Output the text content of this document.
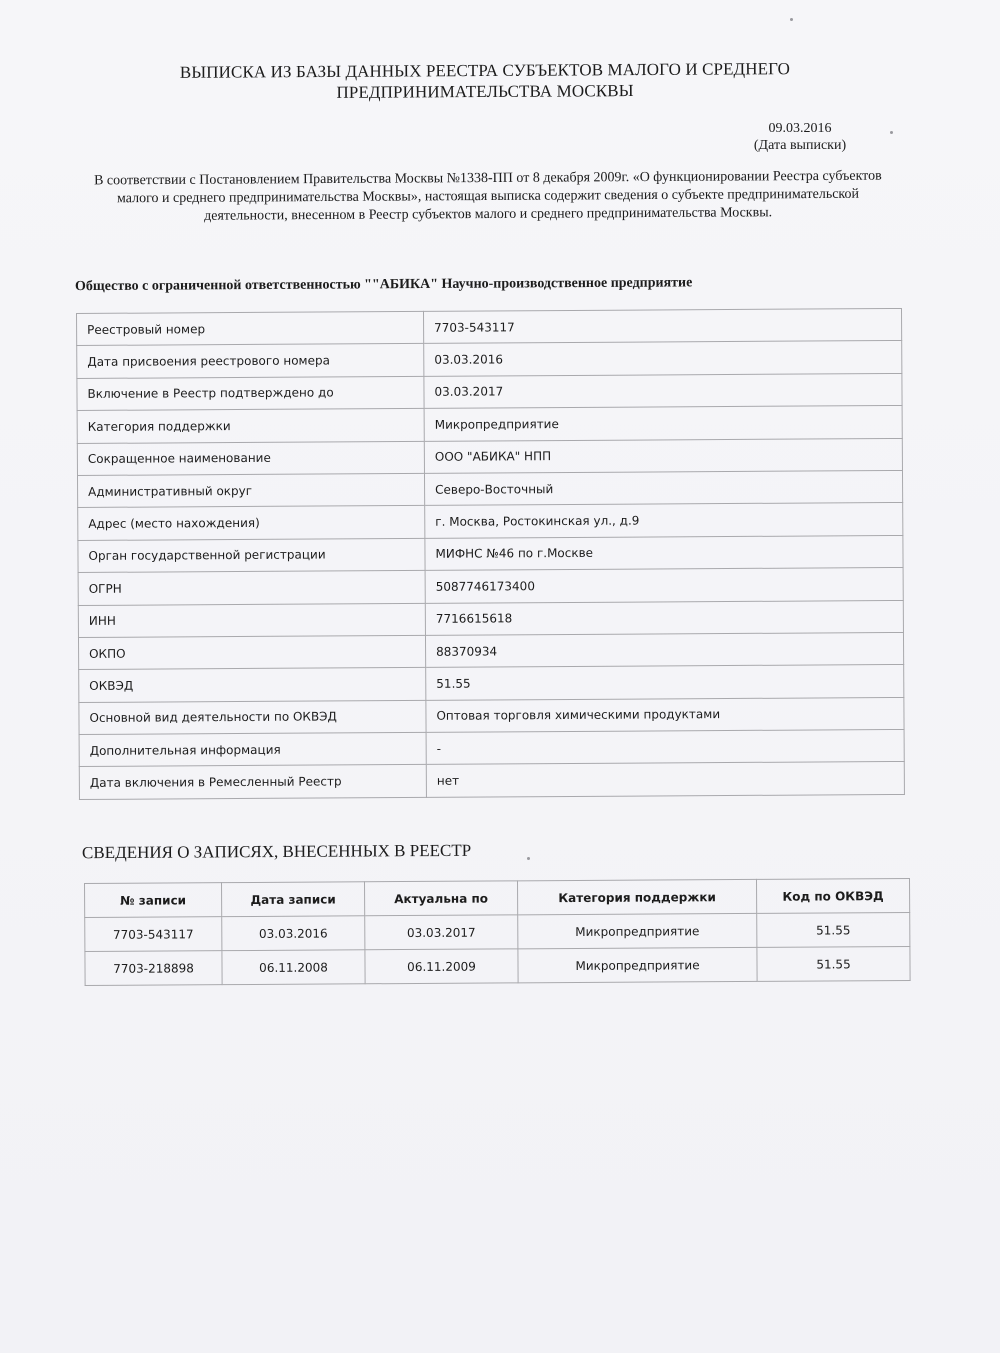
ВЫПИСКА ИЗ БАЗЫ ДАННЫХ РЕЕСТРА СУБЪЕКТОВ МАЛОГО И СРЕДНЕГО ПРЕДПРИНИМАТЕЛЬСТВА МОСКВЫ
09.03.2016
(Дата выписки)
В соответствии с Постановлением Правительства Москвы №1338-ПП от 8 декабря 2009г. «О функционировании Реестра субъектов малого и среднего предпринимательства Москвы», настоящая выписка содержит сведения о субъекте предпринимательской деятельности, внесенном в Реестр субъектов малого и среднего предпринимательства Москвы.
Общество с ограниченной ответственностью ""АБИКА" Научно-производственное предприятие
Реестровый номер	7703-543117
Дата присвоения реестрового номера	03.03.2016
Включение в Реестр подтверждено до	03.03.2017
Категория поддержки	Микропредприятие
Сокращенное наименование	ООО "АБИКА" НПП
Административный округ	Северо-Восточный
Адрес (место нахождения)	г. Москва, Ростокинская ул., д.9
Орган государственной регистрации	МИФНС №46 по г.Москве
ОГРН	5087746173400
ИНН	7716615618
ОКПО	88370934
ОКВЭД	51.55
Основной вид деятельности по ОКВЭД	Оптовая торговля химическими продуктами
Дополнительная информация	-
Дата включения в Ремесленный Реестр	нет
СВЕДЕНИЯ О ЗАПИСЯХ, ВНЕСЕННЫХ В РЕЕСТР
№ записи	Дата записи	Актуальна по	Категория поддержки	Код по ОКВЭД
7703-543117	03.03.2016	03.03.2017	Микропредприятие	51.55
7703-218898	06.11.2008	06.11.2009	Микропредприятие	51.55
